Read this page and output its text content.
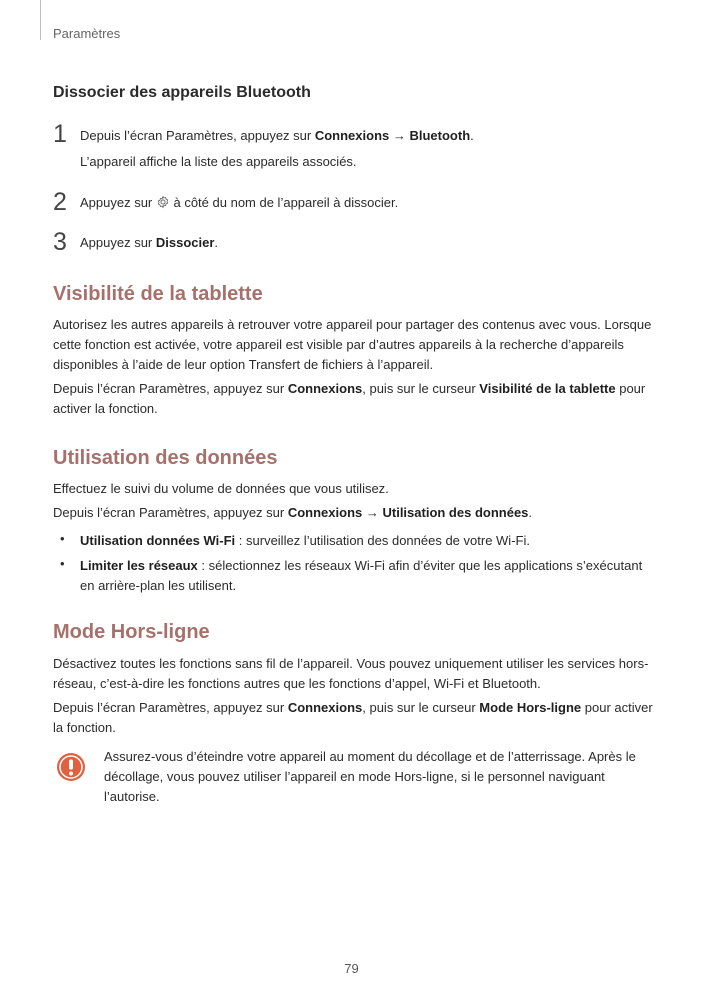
Paramètres
Dissocier des appareils Bluetooth
1 Depuis l’écran Paramètres, appuyez sur Connexions → Bluetooth.
L’appareil affiche la liste des appareils associés.
2 Appuyez sur  à côté du nom de l’appareil à dissocier.
3 Appuyez sur Dissocier.
Visibilité de la tablette
Autorisez les autres appareils à retrouver votre appareil pour partager des contenus avec vous. Lorsque cette fonction est activée, votre appareil est visible par d’autres appareils à la recherche d’appareils disponibles à l’aide de leur option Transfert de fichiers à l’appareil.
Depuis l’écran Paramètres, appuyez sur Connexions, puis sur le curseur Visibilité de la tablette pour activer la fonction.
Utilisation des données
Effectuez le suivi du volume de données que vous utilisez.
Depuis l’écran Paramètres, appuyez sur Connexions → Utilisation des données.
• Utilisation données Wi-Fi : surveillez l’utilisation des données de votre Wi-Fi.
• Limiter les réseaux : sélectionnez les réseaux Wi-Fi afin d’éviter que les applications s’exécutant en arrière-plan les utilisent.
Mode Hors-ligne
Désactivez toutes les fonctions sans fil de l’appareil. Vous pouvez uniquement utiliser les services hors-réseau, c’est-à-dire les fonctions autres que les fonctions d’appel, Wi-Fi et Bluetooth.
Depuis l’écran Paramètres, appuyez sur Connexions, puis sur le curseur Mode Hors-ligne pour activer la fonction.
Assurez-vous d’éteindre votre appareil au moment du décollage et de l’atterrissage. Après le décollage, vous pouvez utiliser l’appareil en mode Hors-ligne, si le personnel naviguant l’autorise.
79
